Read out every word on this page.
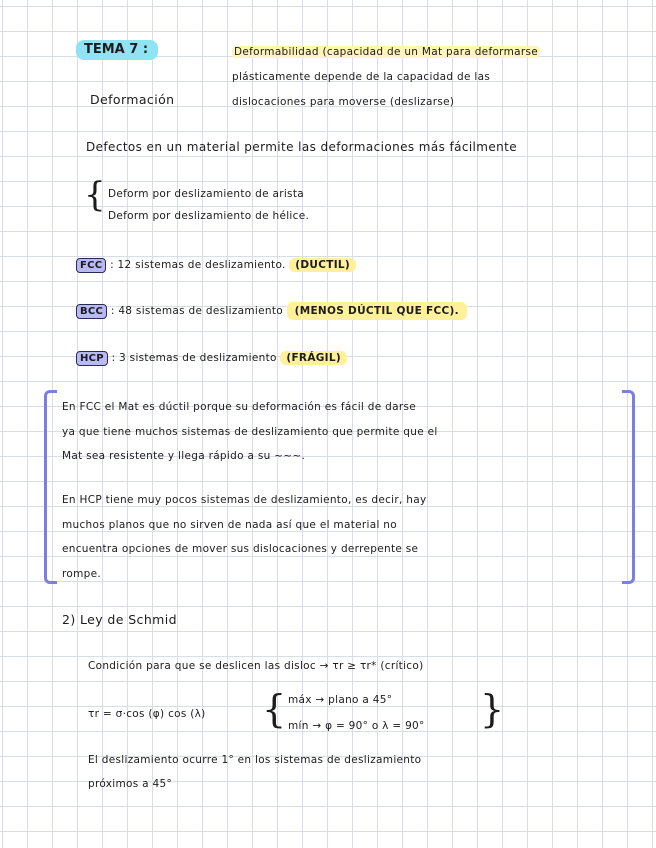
TEMA 7 :
Deformación
Deformabilidad (capacidad de un Mat para deformarse
plásticamente depende de la capacidad de las
dislocaciones para moverse (deslizarse)
Defectos en un material permite las deformaciones más fácilmente
{ Deform por deslizamiento de arista
Deform por deslizamiento de hélice.
FCC : 12 sistemas de deslizamiento. (DUCTIL)
BCC : 48 sistemas de deslizamiento (MENOS DÚCTIL QUE FCC).
HCP : 3 sistemas de deslizamiento (FRÁGIL)
En FCC el Mat es dúctil porque su deformación es fácil de darse
ya que tiene muchos sistemas de deslizamiento que permite que el
Mat sea resistente y llega rápido a su ~~~.
En HCP tiene muy pocos sistemas de deslizamiento, es decir, hay
muchos planos que no sirven de nada así que el material no
encuentra opciones de mover sus dislocaciones y derrepente se
rompe.
2) Ley de Schmid
Condición para que se deslicen las disloc → τr ≥ τr* (crítico)
τr = σ·cos (φ) cos (λ) { máx → plano a 45°
mín → φ = 90° o λ = 90° }
El deslizamiento ocurre 1° en los sistemas de deslizamiento
próximos a 45°
